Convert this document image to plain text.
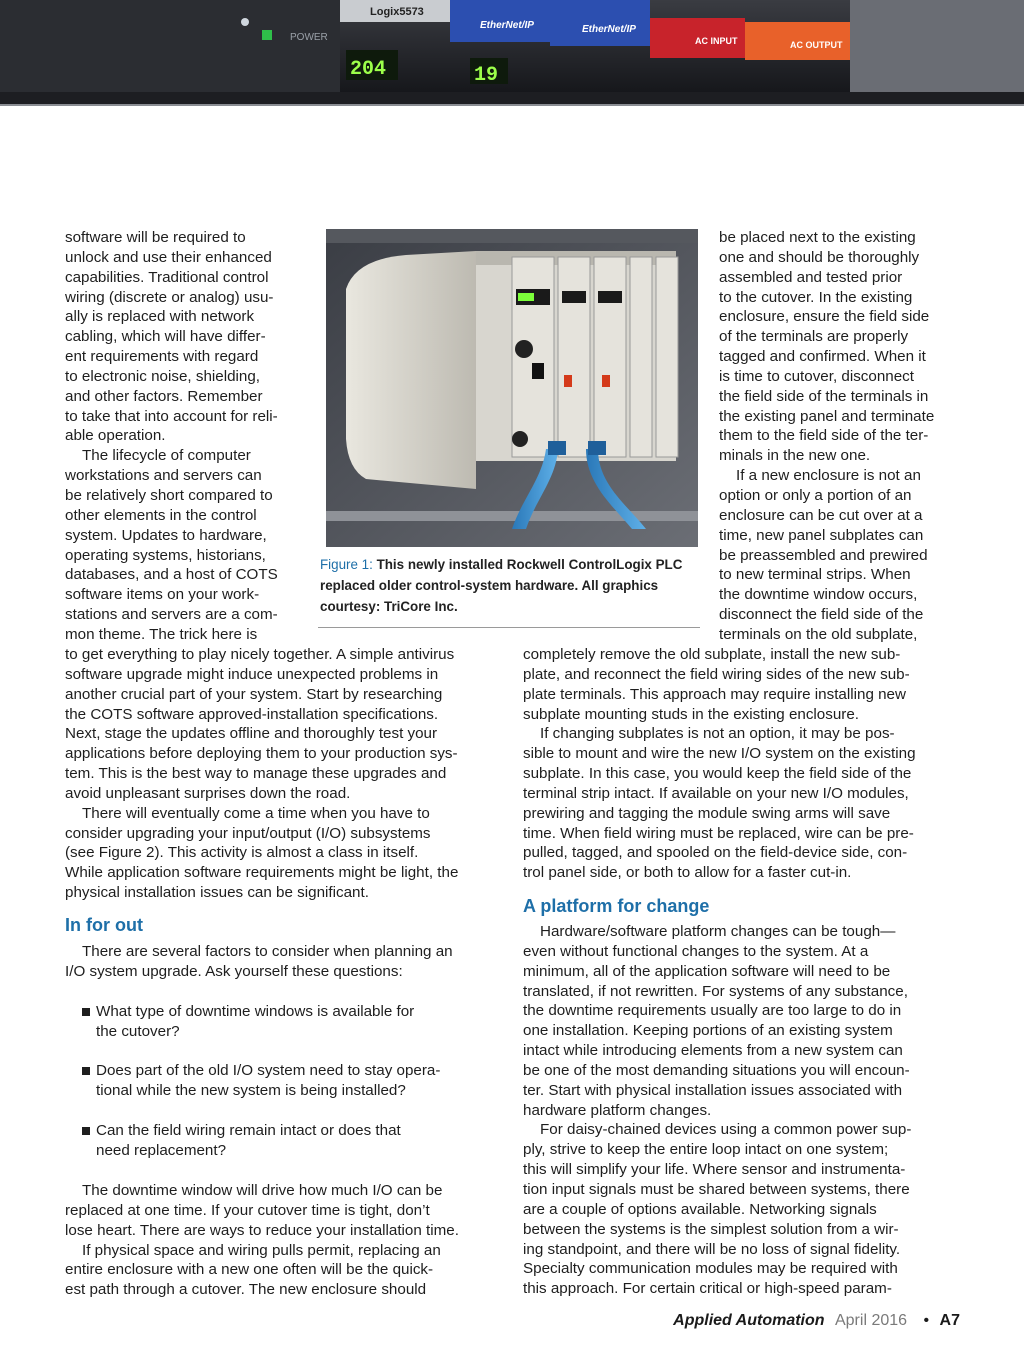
POWER
Logix5573
204
EtherNet/IP
19
EtherNet/IP
AC INPUT	AC OUTPUT

software will be required to

unlock and use their enhanced

capabilities. Traditional control

wiring (discrete or analog) usu-

ally is replaced with network

cabling, which will have differ-

ent requirements with regard

to electronic noise, shielding,

and other factors. Remember

to take that into account for reli-

able operation.

The lifecycle of computer

workstations and servers can

be relatively short compared to

other elements in the control

system. Updates to hardware,

operating systems, historians,

databases, and a host of COTS

software items on your work-

stations and servers are a com-

mon theme. The trick here is

Figure 1: This newly installed Rockwell ControlLogix PLC replaced older control-system hardware. All graphics courtesy: TriCore Inc.

be placed next to the existing

one and should be thoroughly

assembled and tested prior

to the cutover. In the existing

enclosure, ensure the field side

of the terminals are properly

tagged and confirmed. When it

is time to cutover, disconnect

the field side of the terminals in

the existing panel and terminate

them to the field side of the ter-

minals in the new one.

If a new enclosure is not an

option or only a portion of an

enclosure can be cut over at a

time, new panel subplates can

be preassembled and prewired

to new terminal strips. When

the downtime window occurs,

disconnect the field side of the

terminals on the old subplate,

to get everything to play nicely together. A simple antivirus

software upgrade might induce unexpected problems in

another crucial part of your system. Start by researching

the COTS software approved-installation specifications.

Next, stage the updates offline and thoroughly test your

applications before deploying them to your production sys-

tem. This is the best way to manage these upgrades and

avoid unpleasant surprises down the road.

There will eventually come a time when you have to

consider upgrading your input/output (I/O) subsystems

(see Figure 2). This activity is almost a class in itself.

While application software requirements might be light, the

physical installation issues can be significant.

In for out

There are several factors to consider when planning an

I/O system upgrade. Ask yourself these questions:

What type of downtime windows is available for
the cutover?
Does part of the old I/O system need to stay opera-
tional while the new system is being installed?
Can the field wiring remain intact or does that
need replacement?

The downtime window will drive how much I/O can be

replaced at one time. If your cutover time is tight, don’t

lose heart. There are ways to reduce your installation time.

If physical space and wiring pulls permit, replacing an

entire enclosure with a new one often will be the quick-

est path through a cutover. The new enclosure should

completely remove the old subplate, install the new sub-

plate, and reconnect the field wiring sides of the new sub-

plate terminals. This approach may require installing new

subplate mounting studs in the existing enclosure.

If changing subplates is not an option, it may be pos-

sible to mount and wire the new I/O system on the existing

subplate. In this case, you would keep the field side of the

terminal strip intact. If available on your new I/O modules,

prewiring and tagging the module swing arms will save

time. When field wiring must be replaced, wire can be pre-

pulled, tagged, and spooled on the field-device side, con-

trol panel side, or both to allow for a faster cut-in.

A platform for change

Hardware/software platform changes can be tough—

even without functional changes to the system. At a

minimum, all of the application software will need to be

translated, if not rewritten. For systems of any substance,

the downtime requirements usually are too large to do in

one installation. Keeping portions of an existing system

intact while introducing elements from a new system can

be one of the most demanding situations you will encoun-

ter. Start with physical installation issues associated with

hardware platform changes.

For daisy-chained devices using a common power sup-

ply, strive to keep the entire loop intact on one system;

this will simplify your life. Where sensor and instrumenta-

tion input signals must be shared between systems, there

are a couple of options available. Networking signals

between the systems is the simplest solution from a wir-

ing standpoint, and there will be no loss of signal fidelity.

Specialty communication modules may be required with

this approach. For certain critical or high-speed param-

Applied Automation April 2016 • A7
